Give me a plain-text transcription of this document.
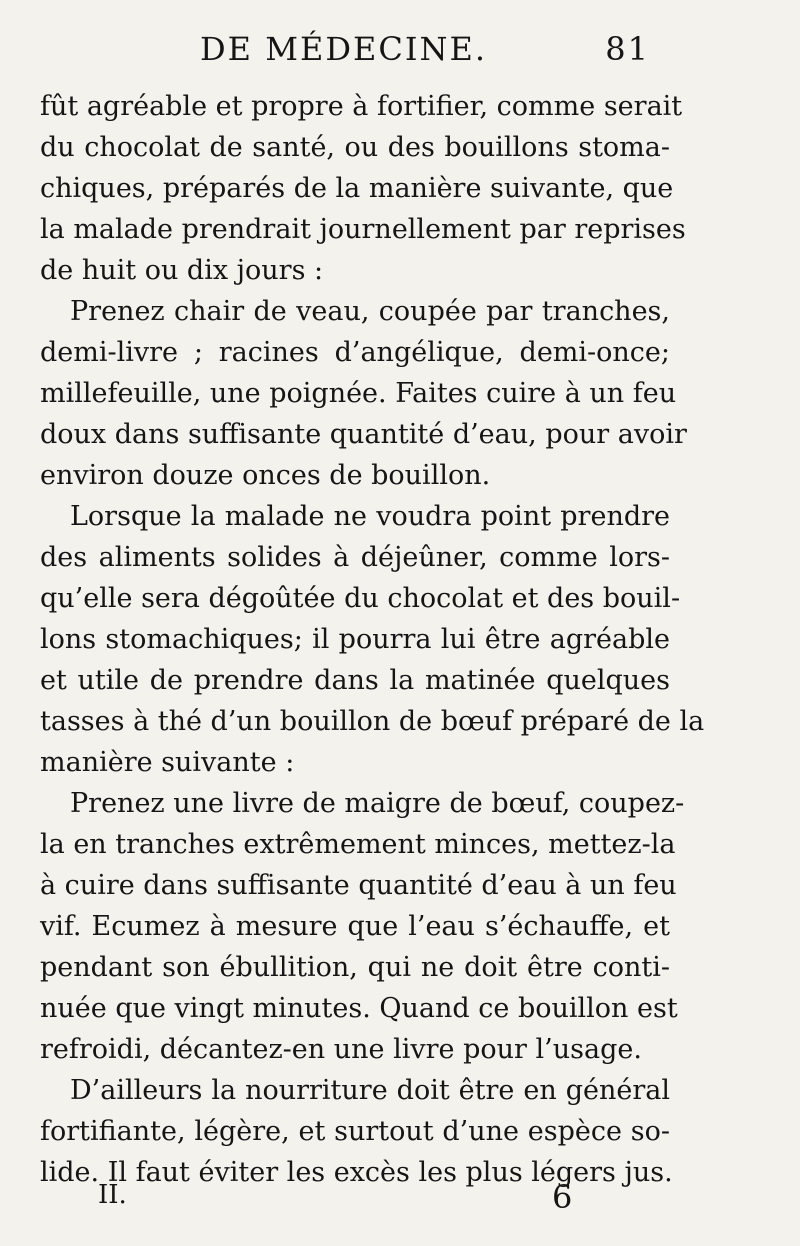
DE MÉDECINE.	81
fût agréable et propre à fortifier, comme serait
du chocolat de santé, ou des bouillons stoma-
chiques, préparés de la manière suivante, que
la malade prendrait journellement par reprises
de huit ou dix jours :
Prenez chair de veau, coupée par tranches,
demi-livre ; racines d’angélique, demi-once;
millefeuille, une poignée. Faites cuire à un feu
doux dans suffisante quantité d’eau, pour avoir
environ douze onces de bouillon.
Lorsque la malade ne voudra point prendre
des aliments solides à déjeûner, comme lors-
qu’elle sera dégoûtée du chocolat et des bouil-
lons stomachiques; il pourra lui être agréable
et utile de prendre dans la matinée quelques
tasses à thé d’un bouillon de bœuf préparé de la
manière suivante :
Prenez une livre de maigre de bœuf, coupez-
la en tranches extrêmement minces, mettez-la
à cuire dans suffisante quantité d’eau à un feu
vif. Ecumez à mesure que l’eau s’échauffe, et
pendant son ébullition, qui ne doit être conti-
nuée que vingt minutes. Quand ce bouillon est
refroidi, décantez-en une livre pour l’usage.
D’ailleurs la nourriture doit être en général
fortifiante, légère, et surtout d’une espèce so-
lide. Il faut éviter les excès les plus légers jus.
II.	6
